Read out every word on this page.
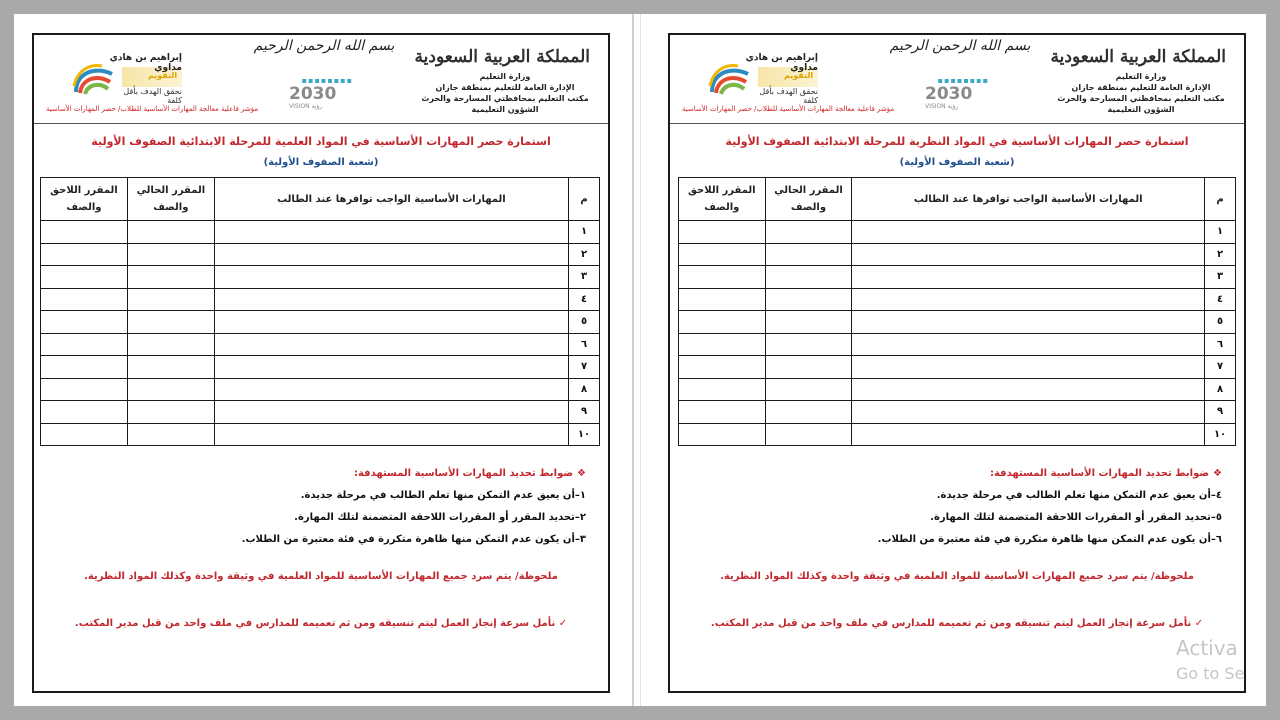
بسم الله الرحمن الرحيم
المملكة العربية السعودية
وزارة التعليم
الإدارة العامة للتعليم بمنطقة جازان
مكتب التعليم بمحافظتي المسارحة والحرث
الشؤون التعليمية
▪▪▪▪▪▪▪▪
2030
VISION رؤية
إبراهيم بن هادي مداوي
التقويم
نحقق الهدف بأقل كلفة
مؤشر فاعلية معالجة المهارات الأساسية للطلاب/ حصر المهارات الأساسية
استمارة حصر المهارات الأساسية في المواد العلمية للمرحلة الابتدائية الصفوف الأولية
(شعبة الصفوف الأولية)
م	المهارات الأساسية الواجب توافرها عند الطالب	المقرر الحالي والصف	المقرر اللاحق والصف
١			
٢			
٣			
٤			
٥			
٦			
٧			
٨			
٩			
١٠			
❖ضوابط تحديد المهارات الأساسية المستهدفة:
١–أن يعيق عدم التمكن منها تعلم الطالب في مرحلة جديدة.
٢–تحديد المقرر أو المقررات اللاحقة المتضمنة لتلك المهارة.
٣–أن يكون عدم التمكن منها ظاهرة متكررة في فئة معتبرة من الطلاب.
ملحوظة/ يتم سرد جميع المهارات الأساسية للمواد العلمية في وثيقة واحدة وكذلك المواد النظرية.
✓ نأمل سرعة إنجاز العمل ليتم تنسيقه ومن ثم تعميمه للمدارس في ملف واحد من قبل مدير المكتب.
بسم الله الرحمن الرحيم
المملكة العربية السعودية
وزارة التعليم
الإدارة العامة للتعليم بمنطقة جازان
مكتب التعليم بمحافظتي المسارحة والحرث
الشؤون التعليمية
▪▪▪▪▪▪▪▪
2030
VISION رؤية
إبراهيم بن هادي مداوي
التقويم
نحقق الهدف بأقل كلفة
مؤشر فاعلية معالجة المهارات الأساسية للطلاب/ حصر المهارات الأساسية
استمارة حصر المهارات الأساسية في المواد النظرية للمرحلة الابتدائية الصفوف الأولية
(شعبة الصفوف الأولية)
م	المهارات الأساسية الواجب توافرها عند الطالب	المقرر الحالي والصف	المقرر اللاحق والصف
١			
٢			
٣			
٤			
٥			
٦			
٧			
٨			
٩			
١٠			
❖ضوابط تحديد المهارات الأساسية المستهدفة:
٤–أن يعيق عدم التمكن منها تعلم الطالب في مرحلة جديدة.
٥–تحديد المقرر أو المقررات اللاحقة المتضمنة لتلك المهارة.
٦–أن يكون عدم التمكن منها ظاهرة متكررة في فئة معتبرة من الطلاب.
ملحوظة/ يتم سرد جميع المهارات الأساسية للمواد العلمية في وثيقة واحدة وكذلك المواد النظرية.
✓ نأمل سرعة إنجاز العمل ليتم تنسيقه ومن ثم تعميمه للمدارس في ملف واحد من قبل مدير المكتب.
Activa
Go to Se
